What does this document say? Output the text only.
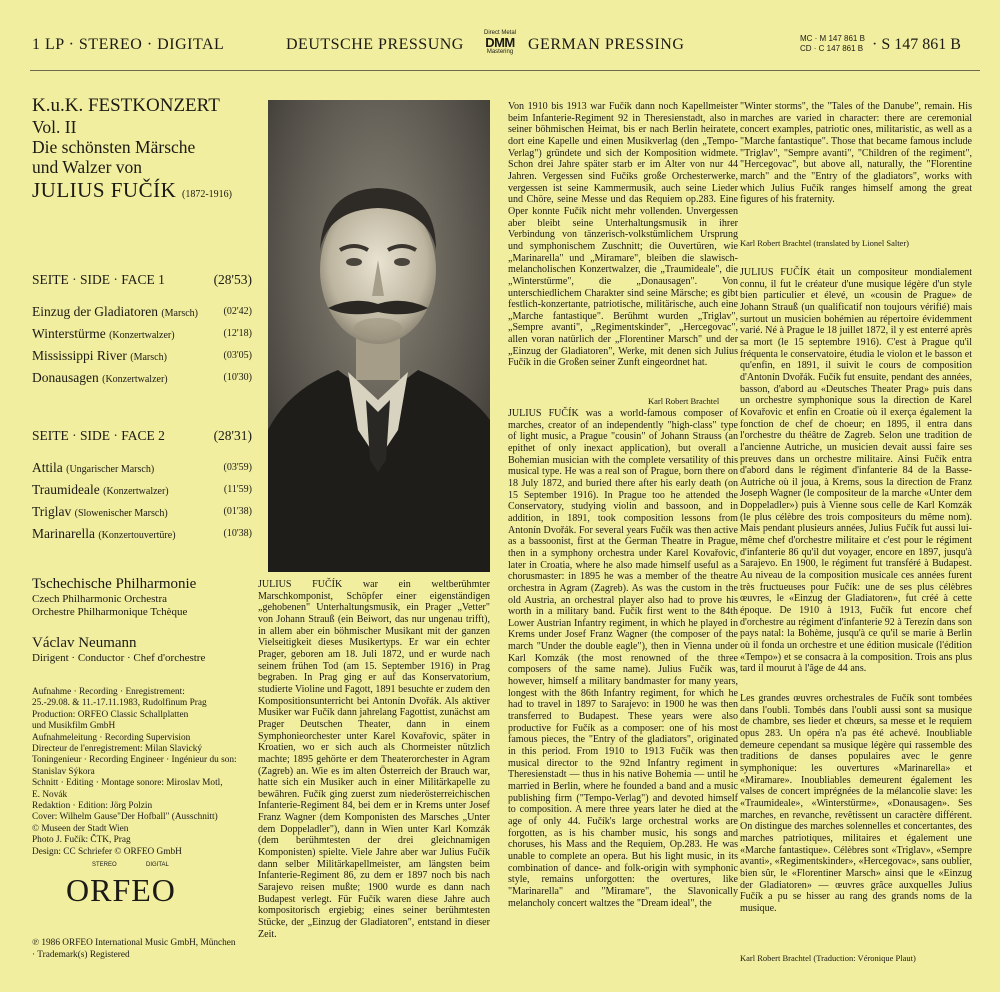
1 LP · STEREO · DIGITAL	DEUTSCHE PRESSUNG
Direct Metal
DMM
Mastering GERMAN PRESSING	MC · M 147 861 B
CD · C 147 861 B · S 147 861 B
K.u.K. FESTKONZERT
Vol. II
Die schönsten Märsche
und Walzer von
JULIUS FUČÍK (1872-1916)
SEITE · SIDE · FACE 1	(28'53)
Einzug der Gladiatoren (Marsch)	(02'42)
Winterstürme (Konzertwalzer)	(12'18)
Mississippi River (Marsch)	(03'05)
Donausagen (Konzertwalzer)	(10'30)
SEITE · SIDE · FACE 2	(28'31)
Attila (Ungarischer Marsch)	(03'59)
Traumideale (Konzertwalzer)	(11'59)
Triglav (Slowenischer Marsch)	(01'38)
Marinarella (Konzertouvertüre)	(10'38)
Tschechische Philharmonie
Czech Philharmonic Orchestra
Orchestre Philharmonique Tchèque
Václav Neumann
Dirigent · Conductor · Chef d'orchestre
Aufnahme · Recording · Enregistrement:
25.-29.08. & 11.-17.11.1983, Rudolfinum Prag
Production: ORFEO Classic Schallplatten
und Musikfilm GmbH
Aufnahmeleitung · Recording Supervision
Directeur de l'enregistrement: Milan Slavický
Toningenieur · Recording Engineer · Ingénieur du son:
Stanislav Sýkora
Schnitt · Editing · Montage sonore: Miroslav Motl,
E. Novák
Redaktion · Edition: Jörg Polzin
Cover: Wilhelm Gause"Der Hofball" (Ausschnitt)
© Museen der Stadt Wien
Photo J. Fučík: ČTK, Prag
Design: CC Schriefer © ORFEO GmbH
STEREO	DIGITAL
ORFEO
℗ 1986 ORFEO International Music GmbH, München
· Trademark(s) Registered

JULIUS FUČÍK war ein weltberühmter Marschkomponist, Schöpfer einer eigenständigen „gehobenen" Unterhaltungsmusik, ein Prager „Vetter" von Johann Strauß (ein Beiwort, das nur ungenau trifft), in allem aber ein böhmischer Musikant mit der ganzen Vielseitigkeit dieses Musikertyps. Er war ein echter Prager, geboren am 18. Juli 1872, und er wurde nach seinem frühen Tod (am 15. September 1916) in Prag begraben. In Prag ging er auf das Konservatorium, studierte Violine und Fagott, 1891 besuchte er zudem den Kompositionsunterricht bei Antonín Dvořák. Als aktiver Musiker war Fučík dann jahrelang Fagottist, zunächst am Prager Deutschen Theater, dann in einem Symphonieorchester unter Karel Kovařovic, später in Kroatien, wo er sich auch als Chormeister nützlich machte; 1895 gehörte er dem Theaterorchester in Agram (Zagreb) an. Wie es im alten Österreich der Brauch war, hatte sich ein Musiker auch in einer Militärkapelle zu bewähren. Fučík ging zuerst zum niederösterreichischen Infanterie-Regiment 84, bei dem er in Krems unter Josef Franz Wagner (dem Komponisten des Marsches „Unter dem Doppeladler"), dann in Wien unter Karl Komzák (dem berühmtesten der drei gleichnamigen Komponisten) spielte. Viele Jahre aber war Julius Fučík dann selber Militärkapellmeister, am längsten beim Infanterie-Regiment 86, zu dem er 1897 noch bis nach Sarajevo reisen mußte; 1900 wurde es dann nach Budapest verlegt. Für Fučík waren diese Jahre auch kompositorisch ergiebig; eines seiner berühmtesten Stücke, der „Einzug der Gladiatoren", entstand in dieser Zeit.

Von 1910 bis 1913 war Fučík dann noch Kapellmeister beim Infanterie-Regiment 92 in Theresienstadt, also in seiner böhmischen Heimat, bis er nach Berlin heiratete, dort eine Kapelle und einen Musikverlag (den „Tempo-Verlag") gründete und sich der Komposition widmete. Schon drei Jahre später starb er im Alter von nur 44 Jahren. Vergessen sind Fučíks große Orchesterwerke, vergessen ist seine Kammermusik, auch seine Lieder und Chöre, seine Messe und das Requiem op.283. Eine Oper konnte Fučík nicht mehr vollenden. Unvergessen aber bleibt seine Unterhaltungsmusik in ihrer Verbindung von tänzerisch-volkstümlichem Ursprung und symphonischem Zuschnitt; die Ouvertüren, wie „Marinarella" und „Miramare", bleiben die slawisch-melancholischen Konzertwalzer, die „Traumideale", die „Winterstürme", die „Donausagen". Von unterschiedlichem Charakter sind seine Märsche; es gibt festlich-konzertante, patriotische, militärische, auch eine „Marche fantastique". Berühmt wurden „Triglav", „Sempre avanti", „Regimentskinder", „Hercegovac", allen voran natürlich der „Florentiner Marsch" und der „Einzug der Gladiatoren", Werke, mit denen sich Julius Fučík in die Großen seiner Zunft eingeordnet hat.

Karl Robert Brachtel

JULIUS FUČÍK was a world-famous composer of marches, creator of an independently "high-class" type of light music, a Prague "cousin" of Johann Strauss (an epithet of only inexact application), but overall a Bohemian musician with the complete versatility of this musical type. He was a real son of Prague, born there on 18 July 1872, and buried there after his early death (on 15 September 1916). In Prague too he attended the Conservatory, studying violin and bassoon, and in addition, in 1891, took composition lessons from Antonín Dvořák. For several years Fučík was then active as a bassoonist, first at the German Theatre in Prague, then in a symphony orchestra under Karel Kovařovic, later in Croatia, where he also made himself useful as a chorusmaster: in 1895 he was a member of the theatre orchestra in Agram (Zagreb). As was the custom in the old Austria, an orchestral player also had to prove his worth in a military band. Fučík first went to the 84th Lower Austrian Infantry regiment, in which he played in Krems under Josef Franz Wagner (the composer of the march "Under the double eagle"), then in Vienna under Karl Komzák (the most renowned of the three composers of the same name). Julius Fučík was, however, himself a military bandmaster for many years, longest with the 86th Infantry regiment, for which he had to travel in 1897 to Sarajevo: in 1900 he was then transferred to Budapest. These years were also productive for Fučík as a composer: one of his most famous pieces, the "Entry of the gladiators", originated in this period. From 1910 to 1913 Fučík was then musical director to the 92nd Infantry regiment in Theresienstadt — thus in his native Bohemia — until he married in Berlin, where he founded a band and a music publishing firm ("Tempo-Verlag") and devoted himself to composition. A mere three years later he died at the age of only 44. Fučík's large orchestral works are forgotten, as is his chamber music, his songs and choruses, his Mass and the Requiem, Op.283. He was unable to complete an opera. But his light music, in its combination of dance- and folk-origin with symphonic style, remains unforgotten: the overtures, like "Marinarella" and "Miramare", the Slavonically melancholy concert waltzes the "Dream ideal", the

"Winter storms", the "Tales of the Danube", remain. His marches are varied in character: there are ceremonial concert examples, patriotic ones, militaristic, as well as a "Marche fantastique". Those that became famous include "Triglav", "Sempre avanti", "Children of the regiment", "Hercegovac", but above all, naturally, the "Florentine march" and the "Entry of the gladiators", works with which Julius Fučík ranges himself among the great figures of his fraternity.

Karl Robert Brachtel (translated by Lionel Salter)

JULIUS FUČÍK était un compositeur mondialement connu, il fut le créateur d'une musique légère d'un style bien particulier et élevé, un «cousin de Prague» de Johann Strauß (un qualificatif non toujours vérifié) mais surtout un musicien bohémien au répertoire évidemment varié. Né à Prague le 18 juillet 1872, il y est enterré après sa mort (le 15 septembre 1916). C'est à Prague qu'il fréquenta le conservatoire, étudia le violon et le basson et qu'enfin, en 1891, il suivit le cours de composition d'Antonín Dvořák. Fučík fut ensuite, pendant des années, basson, d'abord au «Deutsches Theater Prag» puis dans un orchestre symphonique sous la direction de Karel Kovařovic et enfin en Croatie où il exerça également la fonction de chef de choeur; en 1895, il entra dans l'orchestre du théâtre de Zagreb. Selon une tradition de l'ancienne Autriche, un musicien devait aussi faire ses preuves dans un orchestre militaire. Ainsi Fučík entra d'abord dans le régiment d'infanterie 84 de la Basse-Autriche où il joua, à Krems, sous la direction de Franz Joseph Wagner (le compositeur de la marche «Unter dem Doppeladler») puis à Vienne sous celle de Karl Komzák (le plus célèbre des trois compositeurs du même nom). Mais pendant plusieurs années, Julius Fučík fut aussi lui-même chef d'orchestre militaire et c'est pour le régiment d'infanterie 86 qu'il dut voyager, encore en 1897, jusqu'à Sarajevo. En 1900, le régiment fut transféré à Budapest. Au niveau de la composition musicale ces années furent très fructueuses pour Fučík: une de ses plus célèbres œuvres, le «Einzug der Gladiatoren», fut créé à cette époque. De 1910 à 1913, Fučík fut encore chef d'orchestre au régiment d'infanterie 92 à Terezín dans son pays natal: la Bohème, jusqu'à ce qu'il se marie à Berlin où il fonda un orchestre et une édition musicale (l'édition «Tempo») et se consacra à la composition. Trois ans plus tard il mourut à l'âge de 44 ans.

Les grandes œuvres orchestrales de Fučík sont tombées dans l'oubli. Tombés dans l'oubli aussi sont sa musique de chambre, ses lieder et chœurs, sa messe et le requiem opus 283. Un opéra n'a pas été achevé. Inoubliable demeure cependant sa musique légère qui rassemble des traditions de danses populaires avec le genre symphonique: les ouvertures «Marinarella» et «Miramare». Inoubliables demeurent également les valses de concert imprégnées de la mélancolie slave: les «Traumideale», «Winterstürme», «Donausagen». Ses marches, en revanche, revêtissent un caractère différent. On distingue des marches solennelles et concertantes, des marches patriotiques, militaires et également une «Marche fantastique». Célèbres sont «Triglav», «Sempre avanti», «Regimentskinder», «Hercegovac», sans oublier, bien sûr, le «Florentiner Marsch» ainsi que le «Einzug der Gladiatoren» — œuvres grâce auxquelles Julius Fučík a pu se hisser au rang des grands noms de la musique.

Karl Robert Brachtel (Traduction: Véronique Plaut)
